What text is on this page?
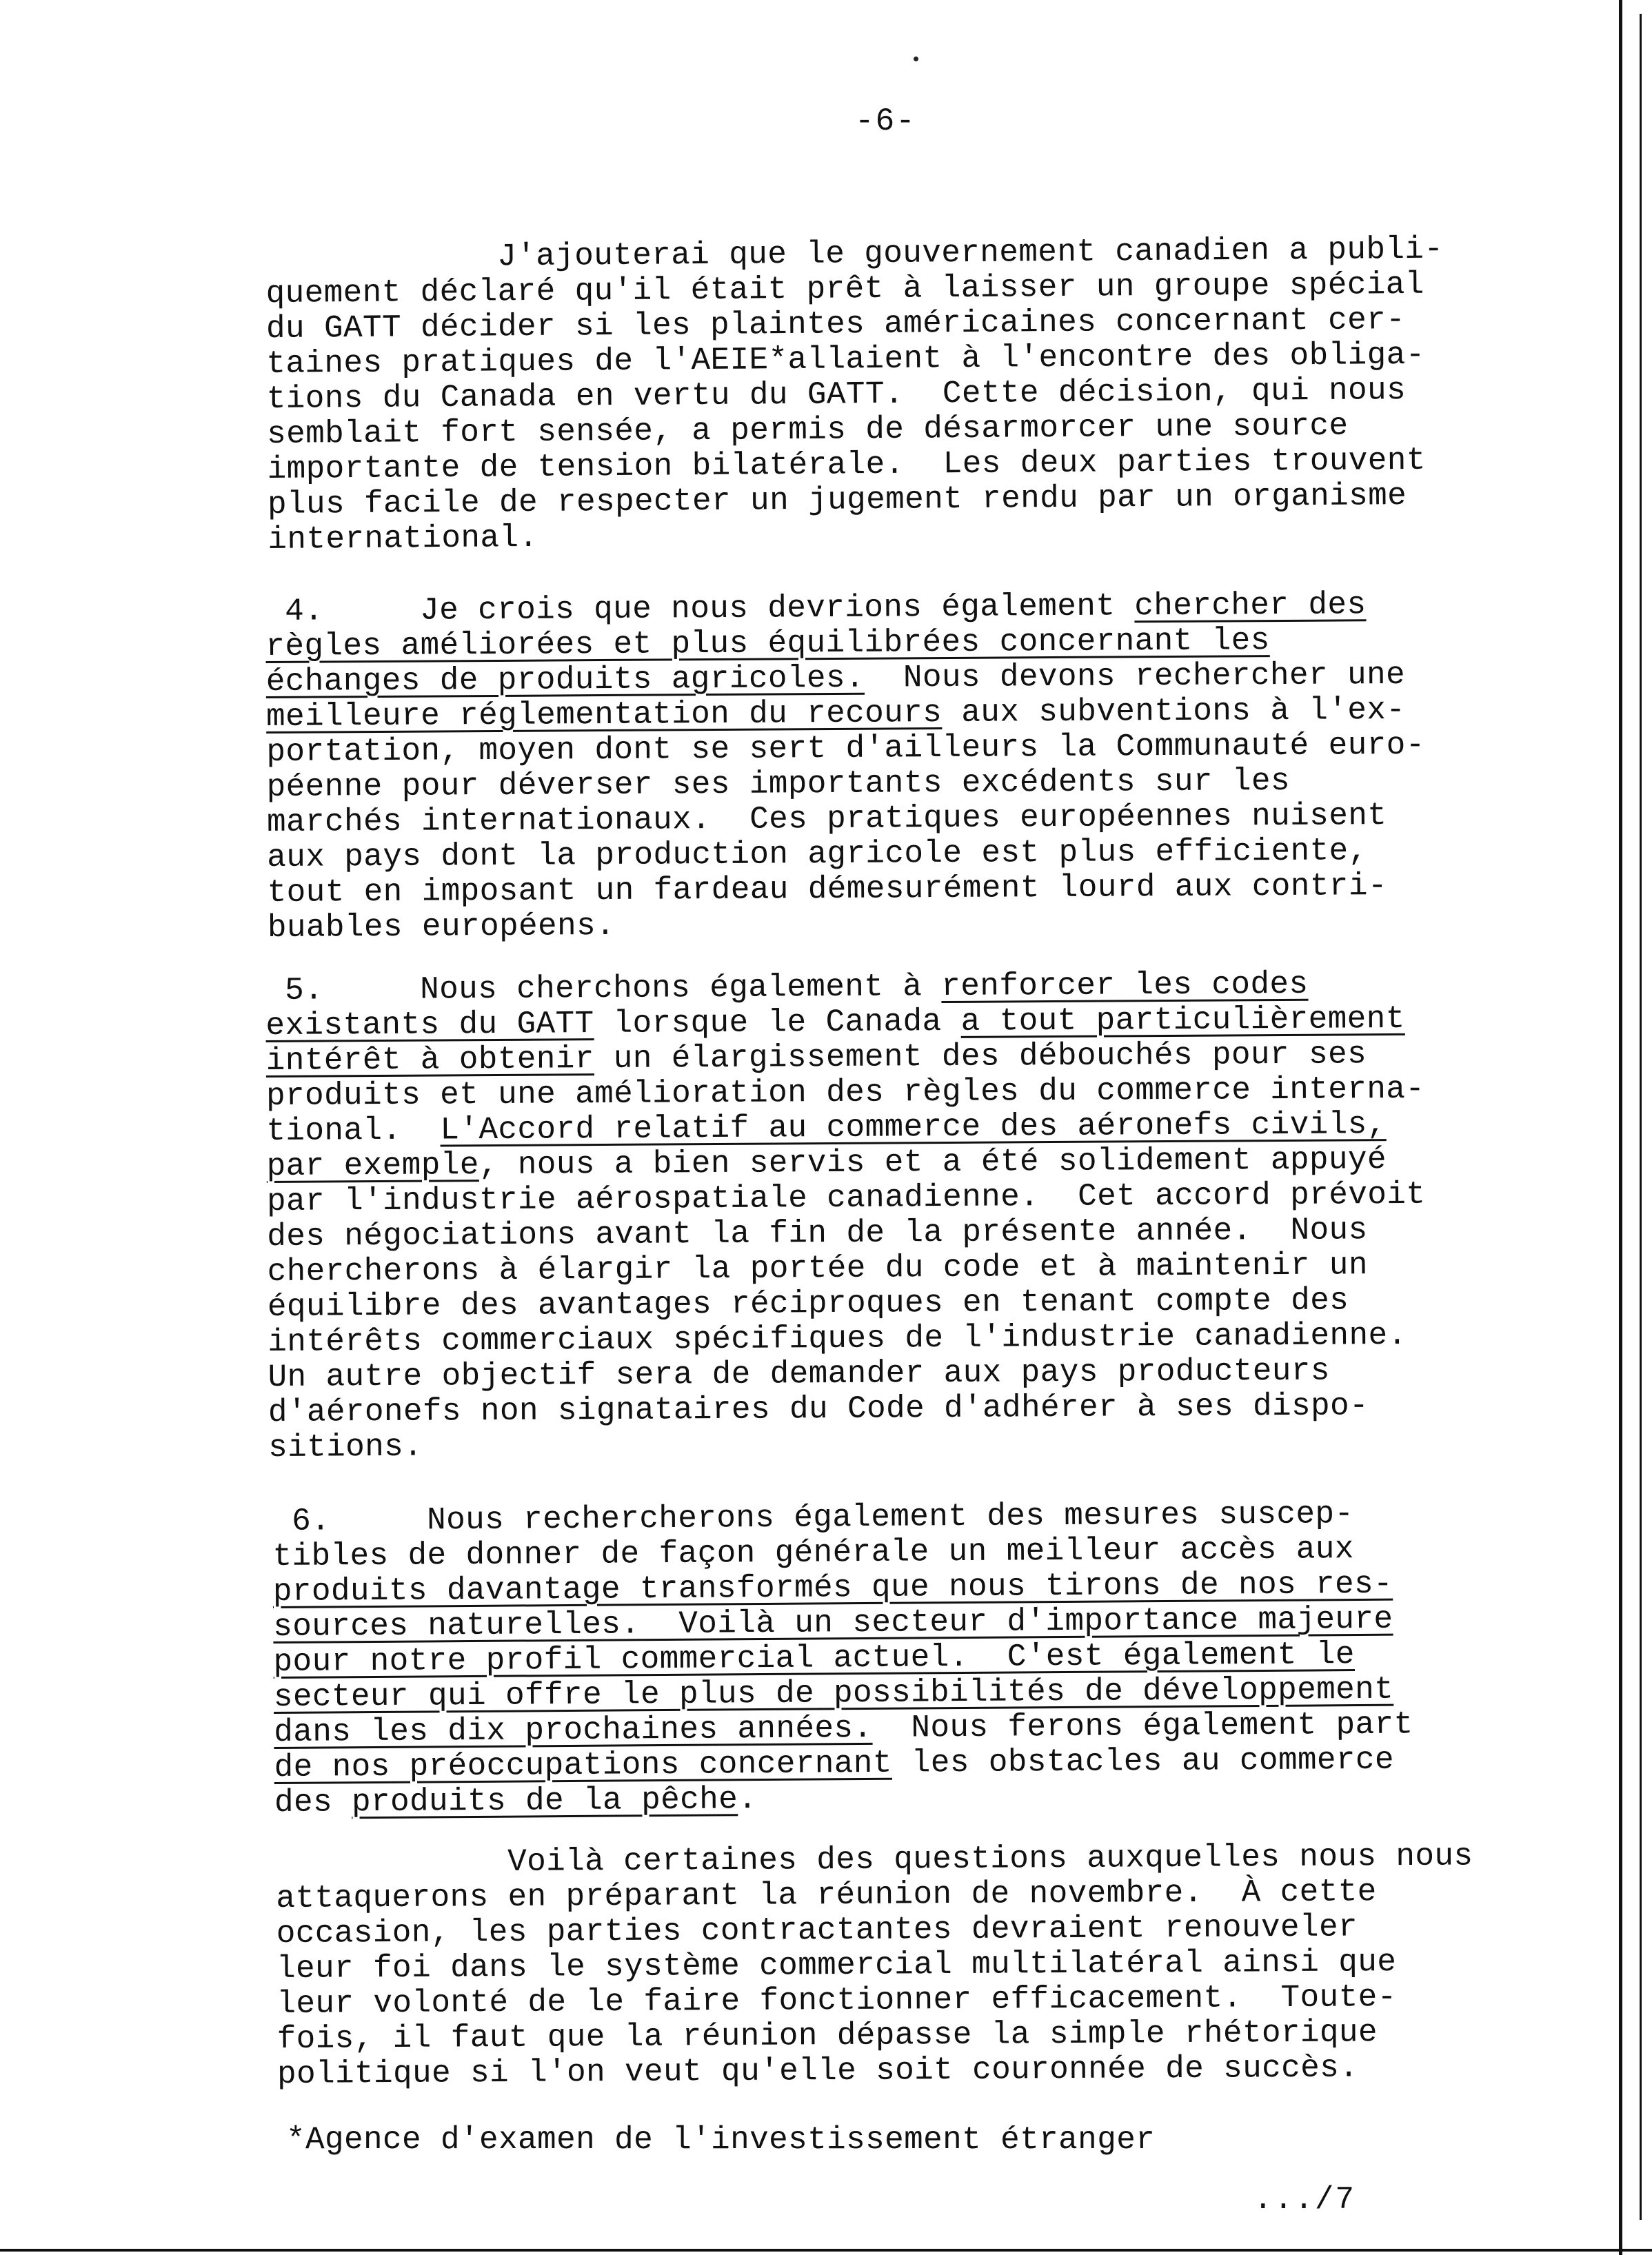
-6-
J'ajouterai que le gouvernement canadien a publi-
quement déclaré qu'il était prêt à laisser un groupe spécial
du GATT décider si les plaintes américaines concernant cer-
taines pratiques de l'AEIE*allaient à l'encontre des obliga-
tions du Canada en vertu du GATT.  Cette décision, qui nous
semblait fort sensée, a permis de désarmorcer une source
importante de tension bilatérale.  Les deux parties trouvent
plus facile de respecter un jugement rendu par un organisme
international.
4.     Je crois que nous devrions également chercher des
règles améliorées et plus équilibrées concernant les
échanges de produits agricoles.  Nous devons rechercher une
meilleure réglementation du recours aux subventions à l'ex-
portation, moyen dont se sert d'ailleurs la Communauté euro-
péenne pour déverser ses importants excédents sur les
marchés internationaux.  Ces pratiques européennes nuisent
aux pays dont la production agricole est plus efficiente,
tout en imposant un fardeau démesurément lourd aux contri-
buables européens.
5.     Nous cherchons également à renforcer les codes
existants du GATT lorsque le Canada a tout particulièrement
intérêt à obtenir un élargissement des débouchés pour ses
produits et une amélioration des règles du commerce interna-
tional.  L'Accord relatif au commerce des aéronefs civils,
par exemple, nous a bien servis et a été solidement appuyé
par l'industrie aérospatiale canadienne.  Cet accord prévoit
des négociations avant la fin de la présente année.  Nous
chercherons à élargir la portée du code et à maintenir un
équilibre des avantages réciproques en tenant compte des
intérêts commerciaux spécifiques de l'industrie canadienne.
Un autre objectif sera de demander aux pays producteurs
d'aéronefs non signataires du Code d'adhérer à ses dispo-
sitions.
6.     Nous rechercherons également des mesures suscep-
tibles de donner de façon générale un meilleur accès aux
produits davantage transformés que nous tirons de nos res-
sources naturelles.  Voilà un secteur d'importance majeure
pour notre profil commercial actuel.  C'est également le
secteur qui offre le plus de possibilités de développement
dans les dix prochaines années.  Nous ferons également part
de nos préoccupations concernant les obstacles au commerce
des produits de la pêche.
Voilà certaines des questions auxquelles nous nous
attaquerons en préparant la réunion de novembre.  À cette
occasion, les parties contractantes devraient renouveler
leur foi dans le système commercial multilatéral ainsi que
leur volonté de le faire fonctionner efficacement.  Toute-
fois, il faut que la réunion dépasse la simple rhétorique
politique si l'on veut qu'elle soit couronnée de succès.
*Agence d'examen de l'investissement étranger
.../7
